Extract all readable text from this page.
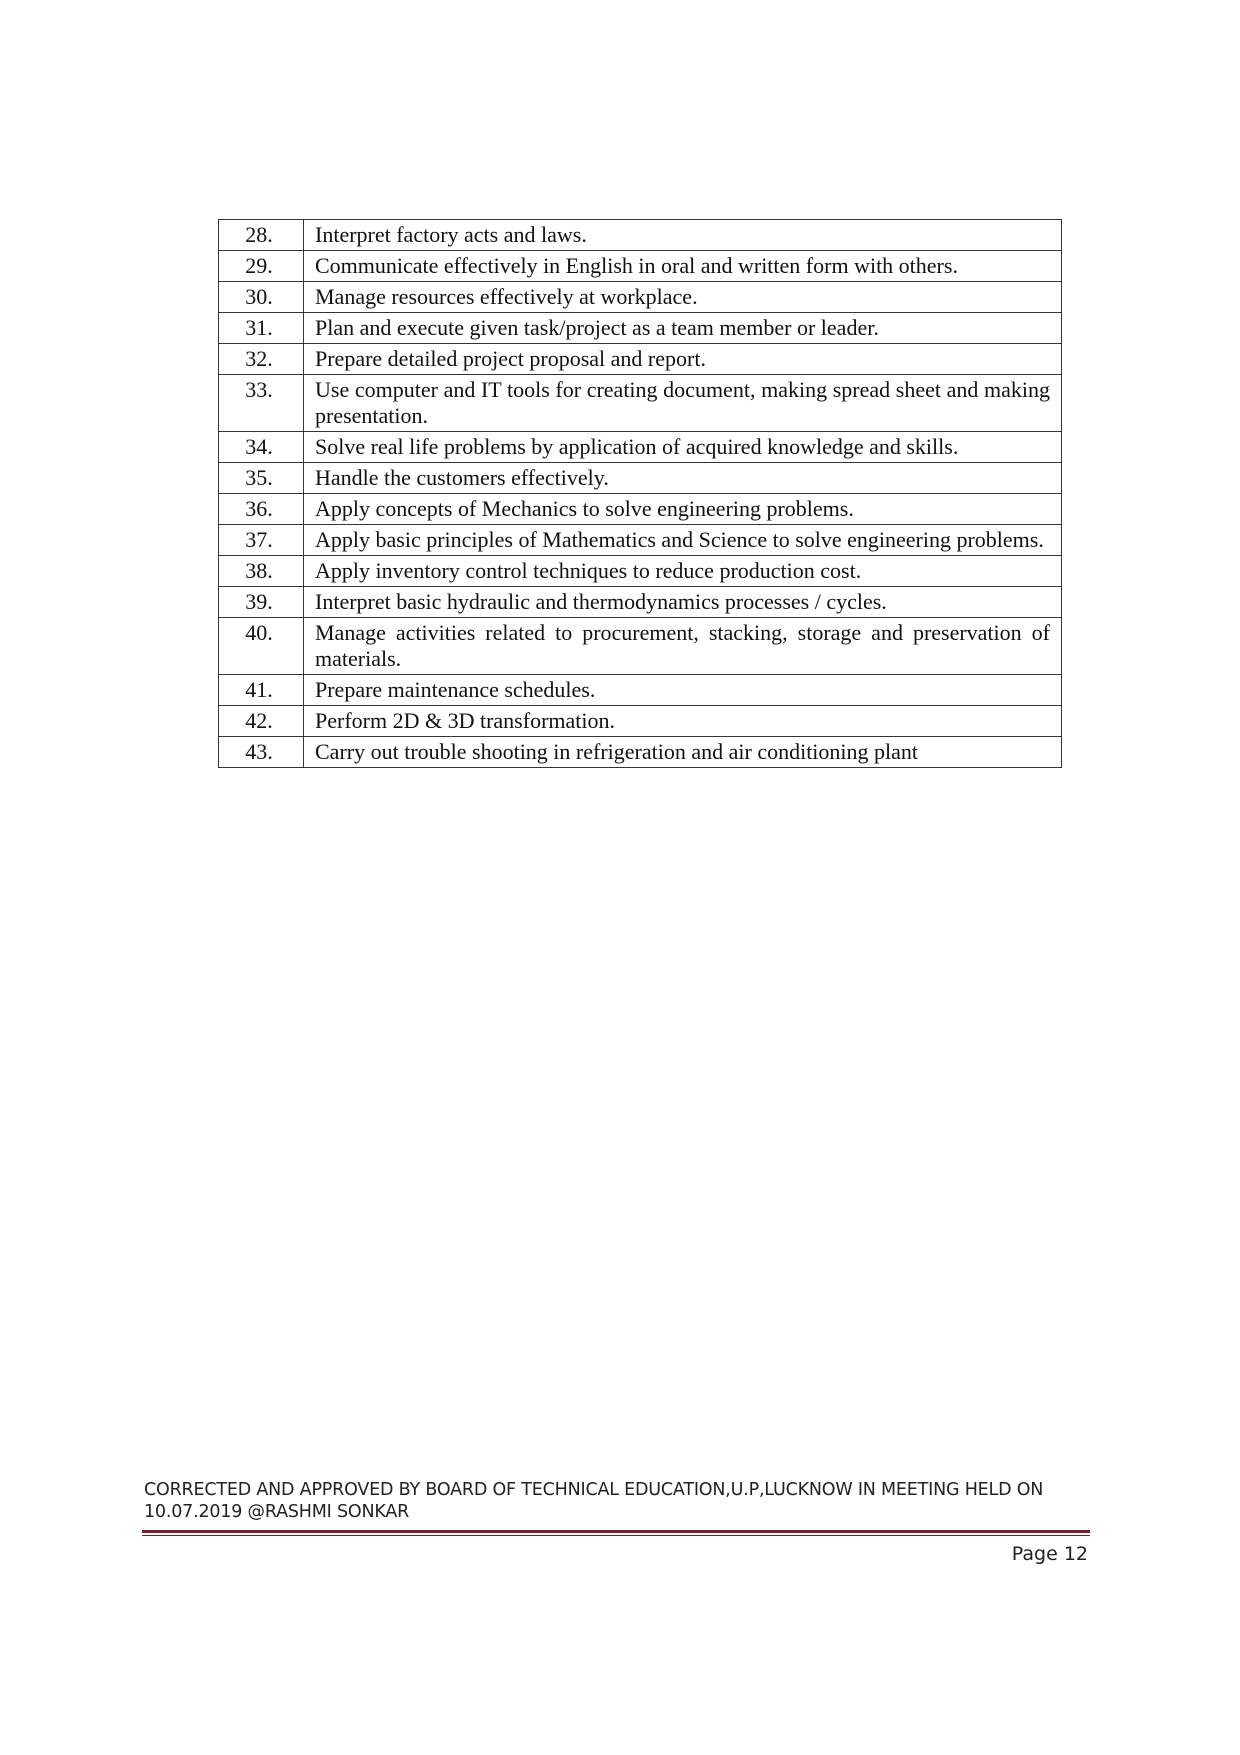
28.	Interpret factory acts and laws.
29.	Communicate effectively in English in oral and written form with others.
30.	Manage resources effectively at workplace.
31.	Plan and execute given task/project as a team member or leader.
32.	Prepare detailed project proposal and report.
33.	Use computer and IT tools for creating document, making spread sheet and making presentation.
34.	Solve real life problems by application of acquired knowledge and skills.
35.	Handle the customers effectively.
36.	Apply concepts of Mechanics to solve engineering problems.
37.	Apply basic principles of Mathematics and Science to solve engineering problems.
38.	Apply inventory control techniques to reduce production cost.
39.	Interpret basic hydraulic and thermodynamics processes / cycles.
40.	Manage activities related to procurement, stacking, storage and preservation of materials.
41.	Prepare maintenance schedules.
42.	Perform 2D & 3D transformation.
43.	Carry out trouble shooting in refrigeration and air conditioning plant
CORRECTED AND APPROVED BY BOARD OF TECHNICAL EDUCATION,U.P,LUCKNOW IN MEETING HELD ON
10.07.2019 @RASHMI SONKAR
Page 12
